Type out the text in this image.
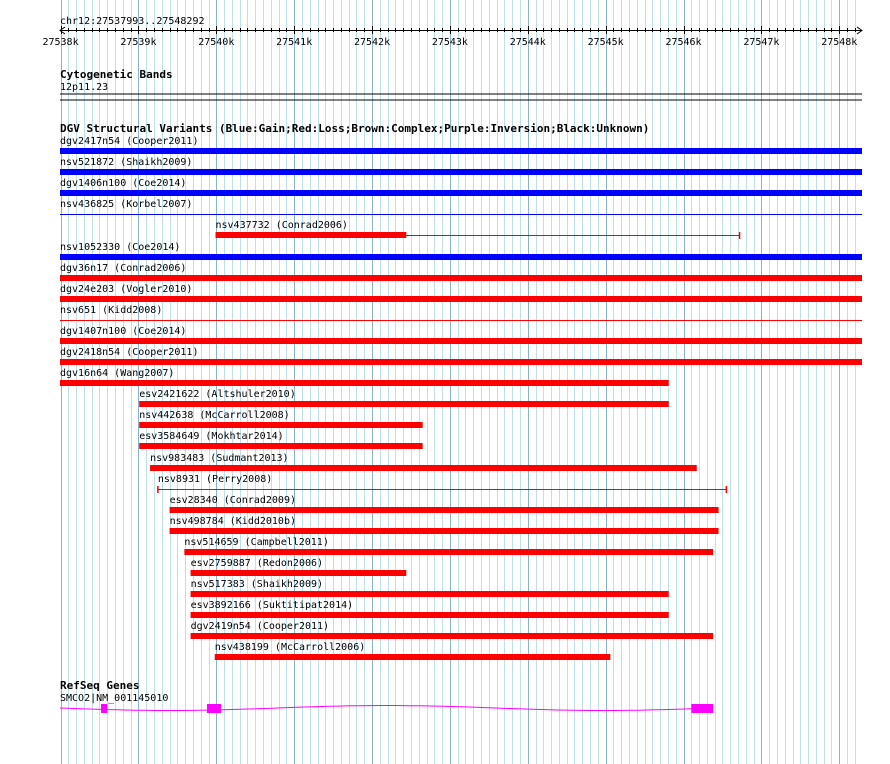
chr12:27537993..27548292
27538k	27539k	27540k	27541k	27542k	27543k	27544k	27545k	27546k	27547k	27548k
Cytogenetic Bands
12p11.23
DGV Structural Variants (Blue:Gain;Red:Loss;Brown:Complex;Purple:Inversion;Black:Unknown)
dgv2417n54 (Cooper2011)
nsv521872 (Shaikh2009)
dgv1406n100 (Coe2014)
nsv436825 (Korbel2007)
nsv437732 (Conrad2006)
nsv1052330 (Coe2014)
dgv36n17 (Conrad2006)
dgv24e203 (Vogler2010)
nsv651 (Kidd2008)
dgv1407n100 (Coe2014)
dgv2418n54 (Cooper2011)
dgv16n64 (Wang2007)
esv2421622 (Altshuler2010)
nsv442638 (McCarroll2008)
esv3584649 (Mokhtar2014)
nsv983483 (Sudmant2013)
nsv8931 (Perry2008)
esv28340 (Conrad2009)
nsv498784 (Kidd2010b)
nsv514659 (Campbell2011)
esv2759887 (Redon2006)
nsv517383 (Shaikh2009)
esv3892166 (Suktitipat2014)
dgv2419n54 (Cooper2011)
nsv438199 (McCarroll2006)
RefSeq Genes
SMCO2|NM_001145010
